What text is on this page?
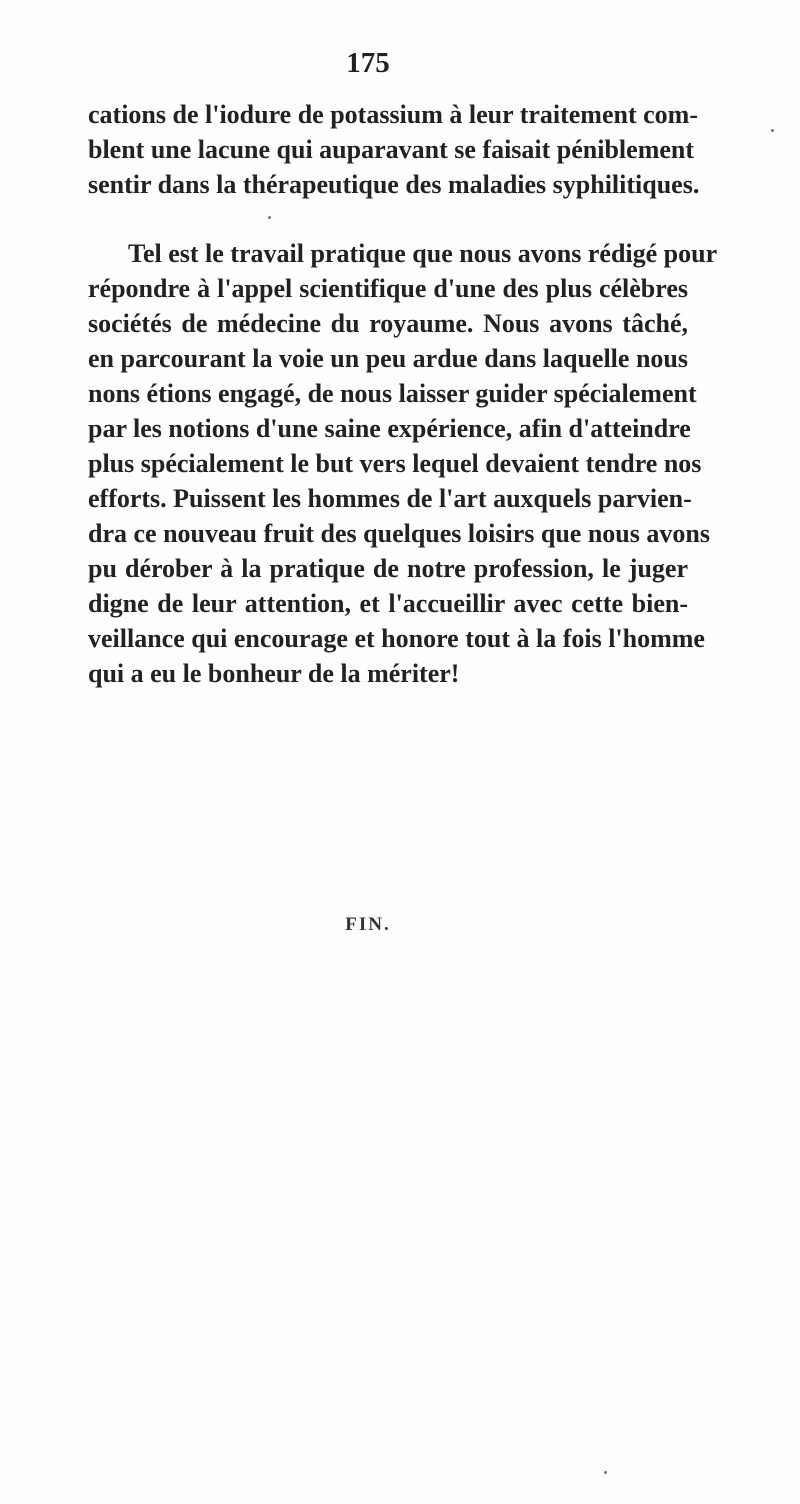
175
cations de l'iodure de potassium à leur traitement com-
blent une lacune qui auparavant se faisait péniblement
sentir dans la thérapeutique des maladies syphilitiques.
Tel est le travail pratique que nous avons rédigé pour
répondre à l'appel scientifique d'une des plus célèbres
sociétés de médecine du royaume. Nous avons tâché,
en parcourant la voie un peu ardue dans laquelle nous
nons étions engagé, de nous laisser guider spécialement
par les notions d'une saine expérience, afin d'atteindre
plus spécialement le but vers lequel devaient tendre nos
efforts. Puissent les hommes de l'art auxquels parvien-
dra ce nouveau fruit des quelques loisirs que nous avons
pu dérober à la pratique de notre profession, le juger
digne de leur attention, et l'accueillir avec cette bien-
veillance qui encourage et honore tout à la fois l'homme
qui a eu le bonheur de la mériter!
FIN.
